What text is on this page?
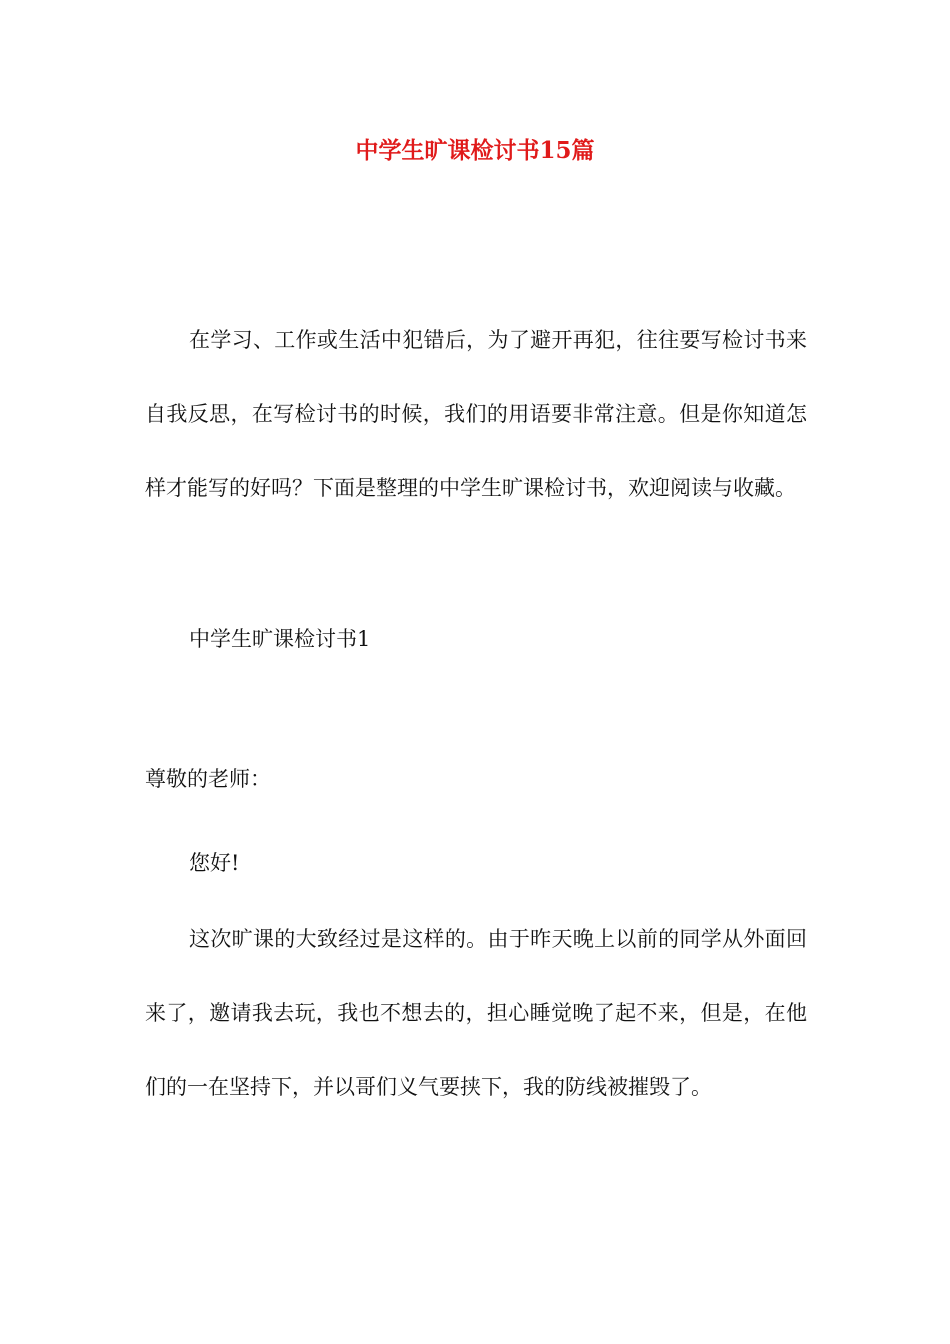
中学生旷课检讨书15篇

在学习、工作或生活中犯错后，为了避开再犯，往往要写检讨书来自我反思，在写检讨书的时候，我们的用语要非常注意。但是你知道怎样才能写的好吗？下面是整理的中学生旷课检讨书，欢迎阅读与收藏。

中学生旷课检讨书1

尊敬的老师：

您好!

这次旷课的大致经过是这样的。由于昨天晚上以前的同学从外面回来了，邀请我去玩，我也不想去的，担心睡觉晚了起不来，但是，在他们的一在坚持下，并以哥们义气要挟下，我的防线被摧毁了。
